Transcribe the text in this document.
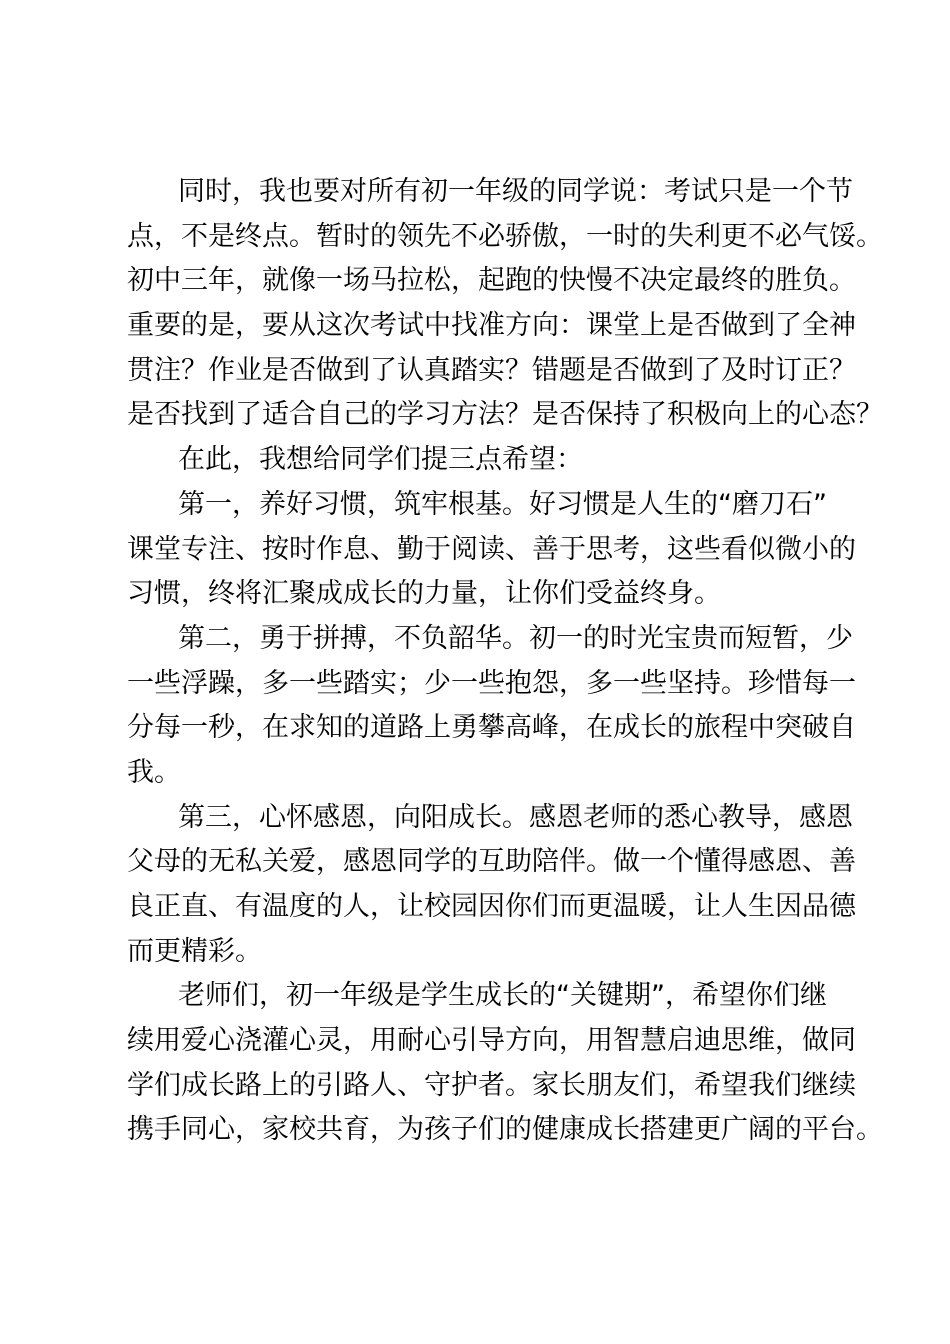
同时，我也要对所有初一年级的同学说：考试只是一个节
点，不是终点。暂时的领先不必骄傲，一时的失利更不必气馁。
初中三年，就像一场马拉松，起跑的快慢不决定最终的胜负。
重要的是，要从这次考试中找准方向：课堂上是否做到了全神
贯注？作业是否做到了认真踏实？错题是否做到了及时订正？
是否找到了适合自己的学习方法？是否保持了积极向上的心态？

在此，我想给同学们提三点希望：

第一，养好习惯，筑牢根基。好习惯是人生的“磨刀石”
课堂专注、按时作息、勤于阅读、善于思考，这些看似微小的
习惯，终将汇聚成成长的力量，让你们受益终身。

第二，勇于拼搏，不负韶华。初一的时光宝贵而短暂，少
一些浮躁，多一些踏实；少一些抱怨，多一些坚持。珍惜每一
分每一秒，在求知的道路上勇攀高峰，在成长的旅程中突破自
我。

第三，心怀感恩，向阳成长。感恩老师的悉心教导，感恩
父母的无私关爱，感恩同学的互助陪伴。做一个懂得感恩、善
良正直、有温度的人，让校园因你们而更温暖，让人生因品德
而更精彩。

老师们，初一年级是学生成长的“关键期”，希望你们继
续用爱心浇灌心灵，用耐心引导方向，用智慧启迪思维，做同
学们成长路上的引路人、守护者。家长朋友们，希望我们继续
携手同心，家校共育，为孩子们的健康成长搭建更广阔的平台。
